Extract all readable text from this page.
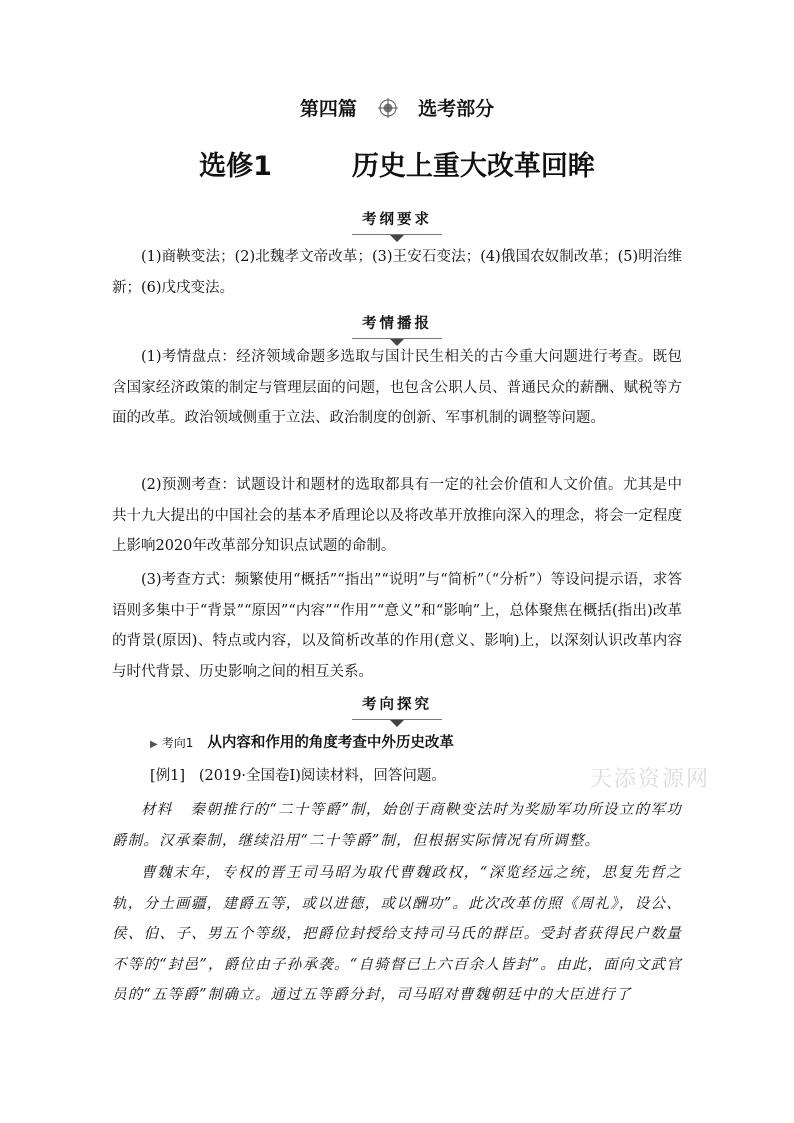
第四篇	选考部分
选修1	历史上重大改革回眸
考纲要求

(1)商鞅变法；(2)北魏孝文帝改革；(3)王安石变法；(4)俄国农奴制改革；(5)明治维新；(6)戊戌变法。

考情播报

(1)考情盘点：经济领域命题多选取与国计民生相关的古今重大问题进行考查。既包含国家经济政策的制定与管理层面的问题，也包含公职人员、普通民众的薪酬、赋税等方面的改革。政治领域侧重于立法、政治制度的创新、军事机制的调整等问题。

(2)预测考查：试题设计和题材的选取都具有一定的社会价值和人文价值。尤其是中共十九大提出的中国社会的基本矛盾理论以及将改革开放推向深入的理念，将会一定程度上影响2020年改革部分知识点试题的命制。

(3)考查方式：频繁使用“概括”“指出”“说明”与“简析”（“分析”）等设问提示语，求答语则多集中于“背景”“原因”“内容”“作用”“意义”和“影响”上，总体聚焦在概括(指出)改革的背景(原因)、特点或内容，以及简析改革的作用(意义、影响)上，以深刻认识改革内容与时代背景、历史影响之间的相互关系。

考向探究
▶ 考向1 从内容和作用的角度考查中外历史改革
[例1] (2019·全国卷Ⅰ)阅读材料，回答问题。	天添资源网

材料 秦朝推行的“二十等爵”制，始创于商鞅变法时为奖励军功所设立的军功爵制。汉承秦制，继续沿用“二十等爵”制，但根据实际情况有所调整。

曹魏末年，专权的晋王司马昭为取代曹魏政权，“深览经远之统，思复先哲之轨，分土画疆，建爵五等，或以进德，或以酬功”。此次改革仿照《周礼》，设公、侯、伯、子、男五个等级，把爵位封授给支持司马氏的群臣。受封者获得民户数量不等的“封邑”，爵位由子孙承袭。“自骑督已上六百余人皆封”。由此，面向文武官员的“五等爵”制确立。通过五等爵分封，司马昭对曹魏朝廷中的大臣进行了
